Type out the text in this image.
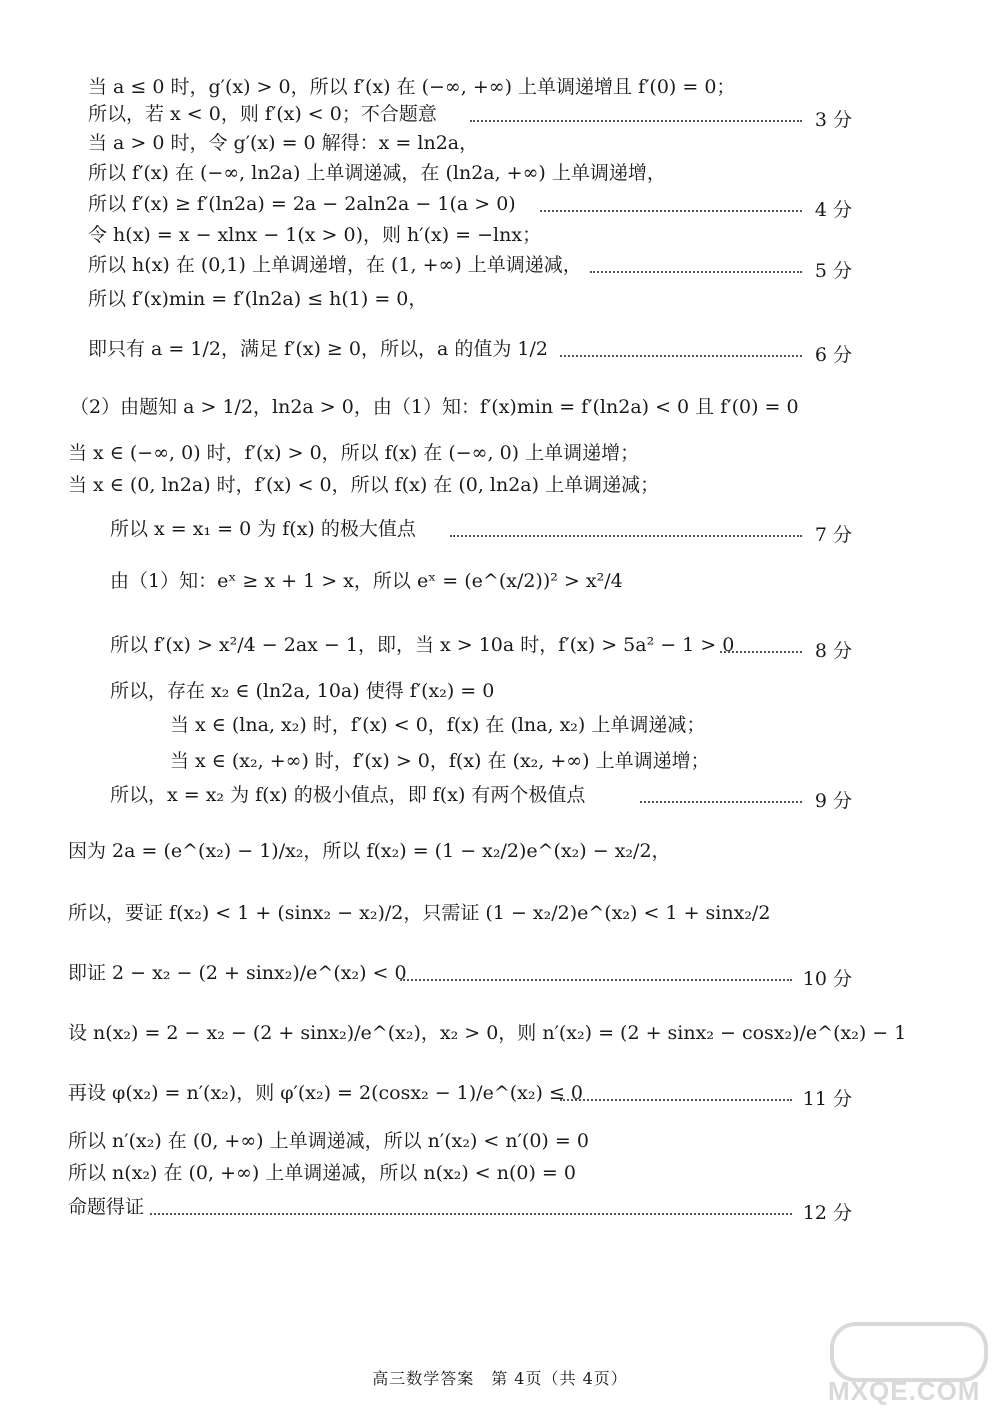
当 a ≤ 0 时，g′(x) > 0，所以 f′(x) 在 (−∞, +∞) 上单调递增且 f′(0) = 0；
所以，若 x < 0，则 f′(x) < 0；不合题意	3 分
当 a > 0 时，令 g′(x) = 0 解得：x = ln2a，
所以 f′(x) 在 (−∞, ln2a) 上单调递减，在 (ln2a, +∞) 上单调递增，
所以 f′(x) ≥ f′(ln2a) = 2a − 2aln2a − 1(a > 0)	4 分
令 h(x) = x − xlnx − 1(x > 0)，则 h′(x) = −lnx；
所以 h(x) 在 (0,1) 上单调递增，在 (1, +∞) 上单调递减，	5 分
所以 f′(x)min = f′(ln2a) ≤ h(1) = 0，
即只有 a = 1/2，满足 f′(x) ≥ 0，所以，a 的值为 1/2	6 分
（2）由题知 a > 1/2，ln2a > 0，由（1）知：f′(x)min = f′(ln2a) < 0 且 f′(0) = 0
当 x ∈ (−∞, 0) 时，f′(x) > 0，所以 f(x) 在 (−∞, 0) 上单调递增；
当 x ∈ (0, ln2a) 时，f′(x) < 0，所以 f(x) 在 (0, ln2a) 上单调递减；
所以 x = x₁ = 0 为 f(x) 的极大值点	7 分
由（1）知：eˣ ≥ x + 1 > x，所以 eˣ = (e^(x/2))² > x²/4
所以 f′(x) > x²/4 − 2ax − 1，即，当 x > 10a 时，f′(x) > 5a² − 1 > 0	8 分
所以，存在 x₂ ∈ (ln2a, 10a) 使得 f′(x₂) = 0
当 x ∈ (lna, x₂) 时，f′(x) < 0，f(x) 在 (lna, x₂) 上单调递减；
当 x ∈ (x₂, +∞) 时，f′(x) > 0，f(x) 在 (x₂, +∞) 上单调递增；
所以，x = x₂ 为 f(x) 的极小值点，即 f(x) 有两个极值点	9 分
因为 2a = (e^(x₂) − 1)/x₂，所以 f(x₂) = (1 − x₂/2)e^(x₂) − x₂/2，
所以，要证 f(x₂) < 1 + (sinx₂ − x₂)/2，只需证 (1 − x₂/2)e^(x₂) < 1 + sinx₂/2
即证 2 − x₂ − (2 + sinx₂)/e^(x₂) < 0	10 分
设 n(x₂) = 2 − x₂ − (2 + sinx₂)/e^(x₂)，x₂ > 0，则 n′(x₂) = (2 + sinx₂ − cosx₂)/e^(x₂) − 1
再设 φ(x₂) = n′(x₂)，则 φ′(x₂) = 2(cosx₂ − 1)/e^(x₂) ≤ 0	11 分
所以 n′(x₂) 在 (0, +∞) 上单调递减，所以 n′(x₂) < n′(0) = 0
所以 n(x₂) 在 (0, +∞) 上单调递减，所以 n(x₂) < n(0) = 0
命题得证	12 分
高三数学答案　第 4页（共 4页）	MXQE.COM
